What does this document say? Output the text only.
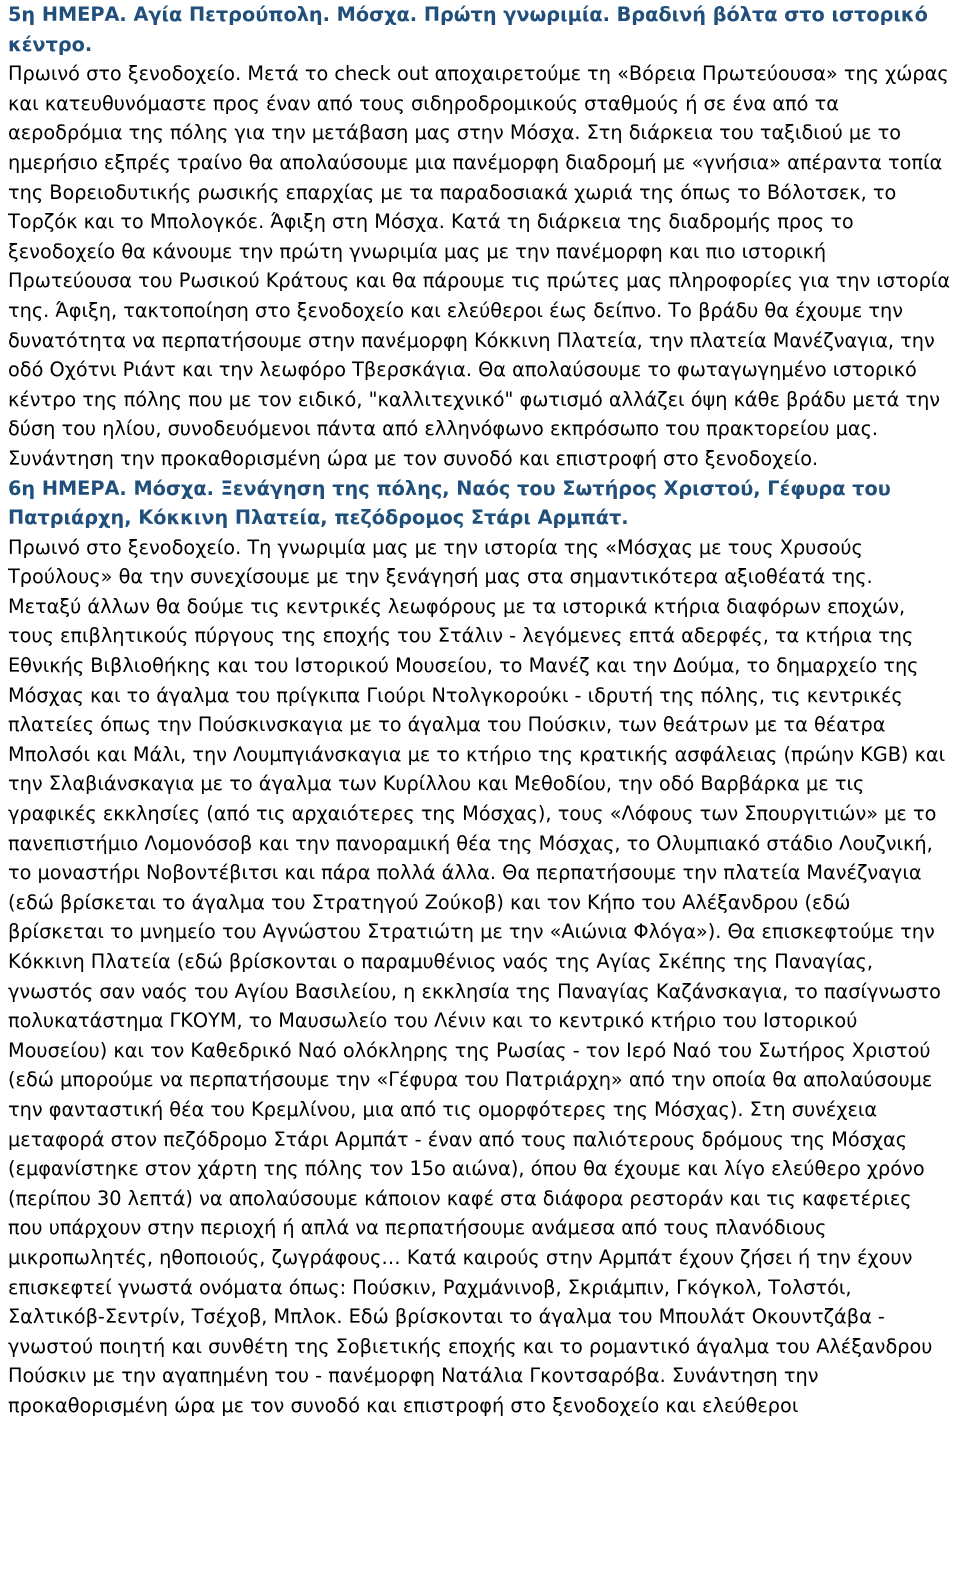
5η ΗΜΕΡΑ. Αγία Πετρούπολη. Μόσχα. Πρώτη γνωριμία. Βραδινή βόλτα στο ιστορικό κέντρο.
Πρωινό στο ξενοδοχείο. Μετά το check out αποχαιρετούμε τη «Βόρεια Πρωτεύουσα» της χώρας και κατευθυνόμαστε προς έναν από τους σιδηροδρομικούς σταθμούς ή σε ένα από τα αεροδρόμια της πόλης για την μετάβαση μας στην Μόσχα. Στη διάρκεια του ταξιδιού με το ημερήσιο εξπρές τραίνο θα απολαύσουμε μια πανέμορφη διαδρομή με «γνήσια» απέραντα τοπία της Βορειοδυτικής ρωσικής επαρχίας με τα παραδοσιακά χωριά της όπως το Βόλοτσεκ, το Τορζόκ και το Μπολογκόε. Άφιξη στη Μόσχα. Κατά τη διάρκεια της διαδρομής προς το ξενοδοχείο θα κάνουμε την πρώτη γνωριμία μας με την πανέμορφη και πιο ιστορική Πρωτεύουσα του Ρωσικού Κράτους και θα πάρουμε τις πρώτες μας πληροφορίες για την ιστορία της. Άφιξη, τακτοποίηση στο ξενοδοχείο και ελεύθεροι έως δείπνο. Το βράδυ θα έχουμε την δυνατότητα να περπατήσουμε στην πανέμορφη Κόκκινη Πλατεία, την πλατεία Μανέζναγια, την οδό Οχότνι Ριάντ και την λεωφόρο Τβερσκάγια. Θα απολαύσουμε το φωταγωγημένο ιστορικό κέντρο της πόλης που με τον ειδικό, "καλλιτεχνικό" φωτισμό αλλάζει όψη κάθε βράδυ μετά την δύση του ηλίου, συνοδευόμενοι πάντα από ελληνόφωνο εκπρόσωπο του πρακτορείου μας. Συνάντηση την προκαθορισμένη ώρα με τον συνοδό και επιστροφή στο ξενοδοχείο.

6η ΗΜΕΡΑ. Μόσχα. Ξενάγηση της πόλης, Ναός του Σωτήρος Χριστού, Γέφυρα του Πατριάρχη, Κόκκινη Πλατεία, πεζόδρομος Στάρι Αρμπάτ.
Πρωινό στο ξενοδοχείο. Τη γνωριμία μας με την ιστορία της «Μόσχας με τους Χρυσούς Τρούλους» θα την συνεχίσουμε με την ξενάγησή μας στα σημαντικότερα αξιοθέατά της. Μεταξύ άλλων θα δούμε τις κεντρικές λεωφόρους με τα ιστορικά κτήρια διαφόρων εποχών, τους επιβλητικούς πύργους της εποχής του Στάλιν - λεγόμενες επτά αδερφές, τα κτήρια της Εθνικής Βιβλιοθήκης και του Ιστορικού Μουσείου, το Μανέζ και την Δούμα, το δημαρχείο της Μόσχας και το άγαλμα του πρίγκιπα Γιούρι Ντολγκορούκι - ιδρυτή της πόλης, τις κεντρικές πλατείες όπως την Πούσκινσκαγια με το άγαλμα του Πούσκιν, των θεάτρων με τα θέατρα Μπολσόι και Μάλι, την Λουμπγιάνσκαγια με το κτήριο της κρατικής ασφάλειας (πρώην KGB) και την Σλαβιάνσκαγια με το άγαλμα των Κυρίλλου και Μεθοδίου, την οδό Βαρβάρκα με τις γραφικές εκκλησίες (από τις αρχαιότερες της Μόσχας), τους «Λόφους των Σπουργιτιών» με το πανεπιστήμιο Λομονόσοβ και την πανοραμική θέα της Μόσχας, το Ολυμπιακό στάδιο Λουζνική, το μοναστήρι Νοβοντέβιτσι και πάρα πολλά άλλα. Θα περπατήσουμε την πλατεία Μανέζναγια (εδώ βρίσκεται το άγαλμα του Στρατηγού Ζούκοβ) και τον Κήπο του Αλέξανδρου (εδώ βρίσκεται το μνημείο του Αγνώστου Στρατιώτη με την «Αιώνια Φλόγα»). Θα επισκεφτούμε την Κόκκινη Πλατεία (εδώ βρίσκονται ο παραμυθένιος ναός της Αγίας Σκέπης της Παναγίας, γνωστός σαν ναός του Αγίου Βασιλείου, η εκκλησία της Παναγίας Καζάνσκαγια, το πασίγνωστο πολυκατάστημα ΓΚΟΥΜ, το Μαυσωλείο του Λένιν και το κεντρικό κτήριο του Ιστορικού Μουσείου) και τον Καθεδρικό Ναό ολόκληρης της Ρωσίας - τον Ιερό Ναό του Σωτήρος Χριστού (εδώ μπορούμε να περπατήσουμε την «Γέφυρα του Πατριάρχη» από την οποία θα απολαύσουμε την φανταστική θέα του Κρεμλίνου, μια από τις ομορφότερες της Μόσχας). Στη συνέχεια μεταφορά στον πεζόδρομο Στάρι Αρμπάτ - έναν από τους παλιότερους δρόμους της Μόσχας (εμφανίστηκε στον χάρτη της πόλης τον 15ο αιώνα), όπου θα έχουμε και λίγο ελεύθερο χρόνο (περίπου 30 λεπτά) να απολαύσουμε κάποιον καφέ στα διάφορα ρεστοράν και τις καφετέριες που υπάρχουν στην περιοχή ή απλά να περπατήσουμε ανάμεσα από τους πλανόδιους μικροπωλητές, ηθοποιούς, ζωγράφους… Κατά καιρούς στην Αρμπάτ έχουν ζήσει ή την έχουν επισκεφτεί γνωστά ονόματα όπως: Πούσκιν, Ραχμάνινοβ, Σκριάμπιν, Γκόγκολ, Τολστόι, Σαλτικόβ-Σεντρίν, Τσέχοβ, Μπλοκ. Εδώ βρίσκονται το άγαλμα του Μπουλάτ Οκουντζάβα - γνωστού ποιητή και συνθέτη της Σοβιετικής εποχής και το ρομαντικό άγαλμα του Αλέξανδρου Πούσκιν με την αγαπημένη του - πανέμορφη Νατάλια Γκοντσαρόβα. Συνάντηση την προκαθορισμένη ώρα με τον συνοδό και επιστροφή στο ξενοδοχείο και ελεύθεροι
